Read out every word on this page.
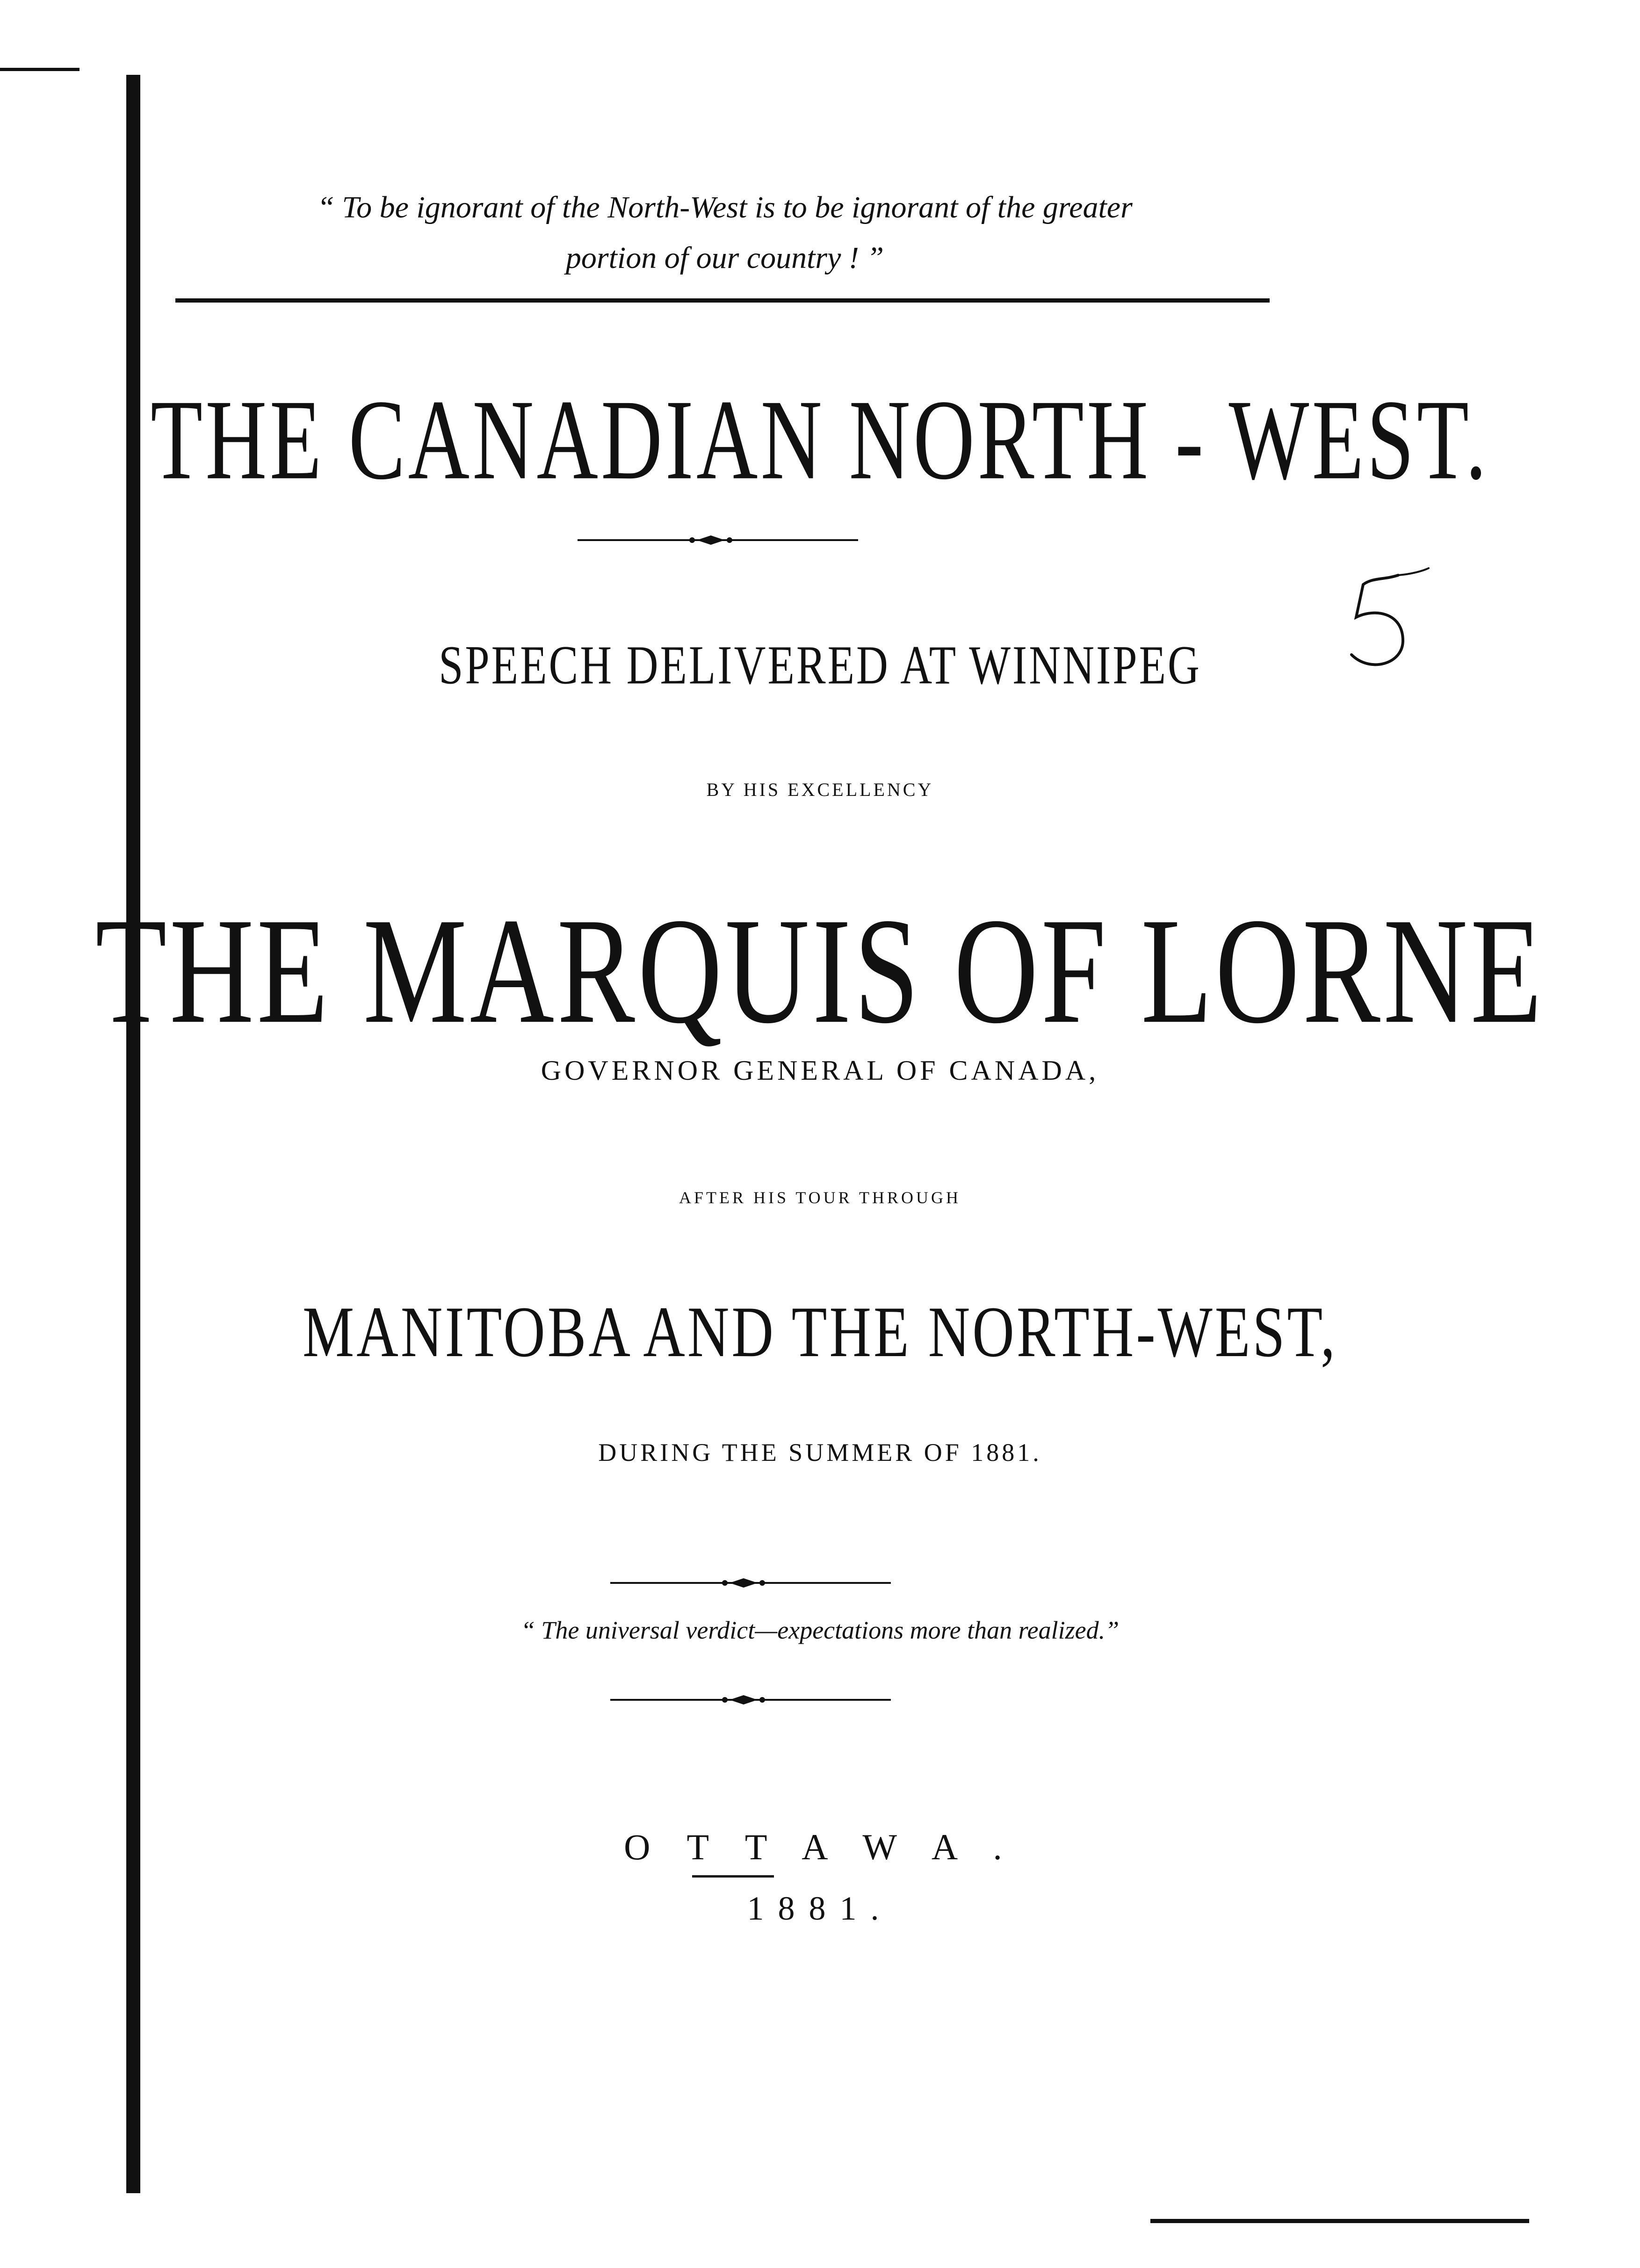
“ To be ignorant of the North-West is to be ignorant of the greater
portion of our country ! ”
THE CANADIAN NORTH - WEST.
SPEECH DELIVERED AT WINNIPEG
BY HIS EXCELLENCY
THE MARQUIS OF LORNE
GOVERNOR GENERAL OF CANADA,
AFTER HIS TOUR THROUGH
MANITOBA AND THE NORTH-WEST,
DURING THE SUMMER OF 1881.
“ The universal verdict—expectations more than realized.”
O T T A W A .
1881.
